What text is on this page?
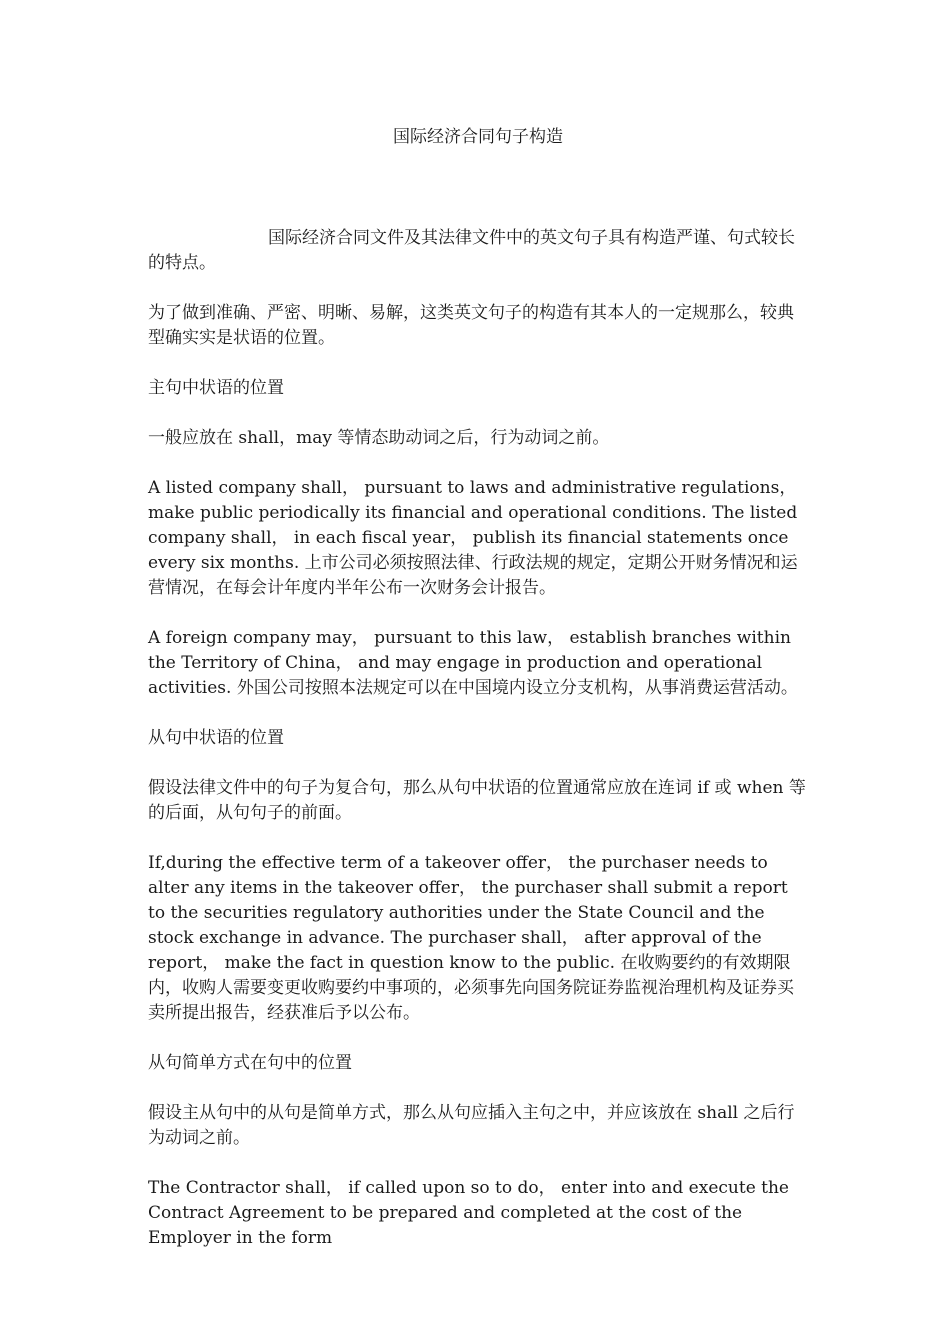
国际经济合同句子构造

国际经济合同文件及其法律文件中的英文句子具有构造严谨、句式较长的特点。

为了做到准确、严密、明晰、易解，这类英文句子的构造有其本人的一定规那么，较典型确实实是状语的位置。

主句中状语的位置

一般应放在 shall，may 等情态助动词之后，行为动词之前。

A listed company shall， pursuant to laws and administrative regulations， make public periodically its financial and operational conditions. The listed company shall， in each fiscal year， publish its financial statements once every six months. 上市公司必须按照法律、行政法规的规定，定期公开财务情况和运营情况，在每会计年度内半年公布一次财务会计报告。

A foreign company may， pursuant to this law， establish branches within the Territory of China， and may engage in production and operational activities. 外国公司按照本法规定可以在中国境内设立分支机构，从事消费运营活动。

从句中状语的位置

假设法律文件中的句子为复合句，那么从句中状语的位置通常应放在连词 if 或 when 等的后面，从句句子的前面。

If,during the effective term of a takeover offer， the purchaser needs to alter any items in the takeover offer， the purchaser shall submit a report to the securities regulatory authorities under the State Council and the stock exchange in advance. The purchaser shall， after approval of the report， make the fact in question know to the public. 在收购要约的有效期限内，收购人需要变更收购要约中事项的，必须事先向国务院证券监视治理机构及证券买卖所提出报告，经获准后予以公布。

从句简单方式在句中的位置

假设主从句中的从句是简单方式，那么从句应插入主句之中，并应该放在 shall 之后行为动词之前。

The Contractor shall， if called upon so to do， enter into and execute the Contract Agreement to be prepared and completed at the cost of the Employer in the form
